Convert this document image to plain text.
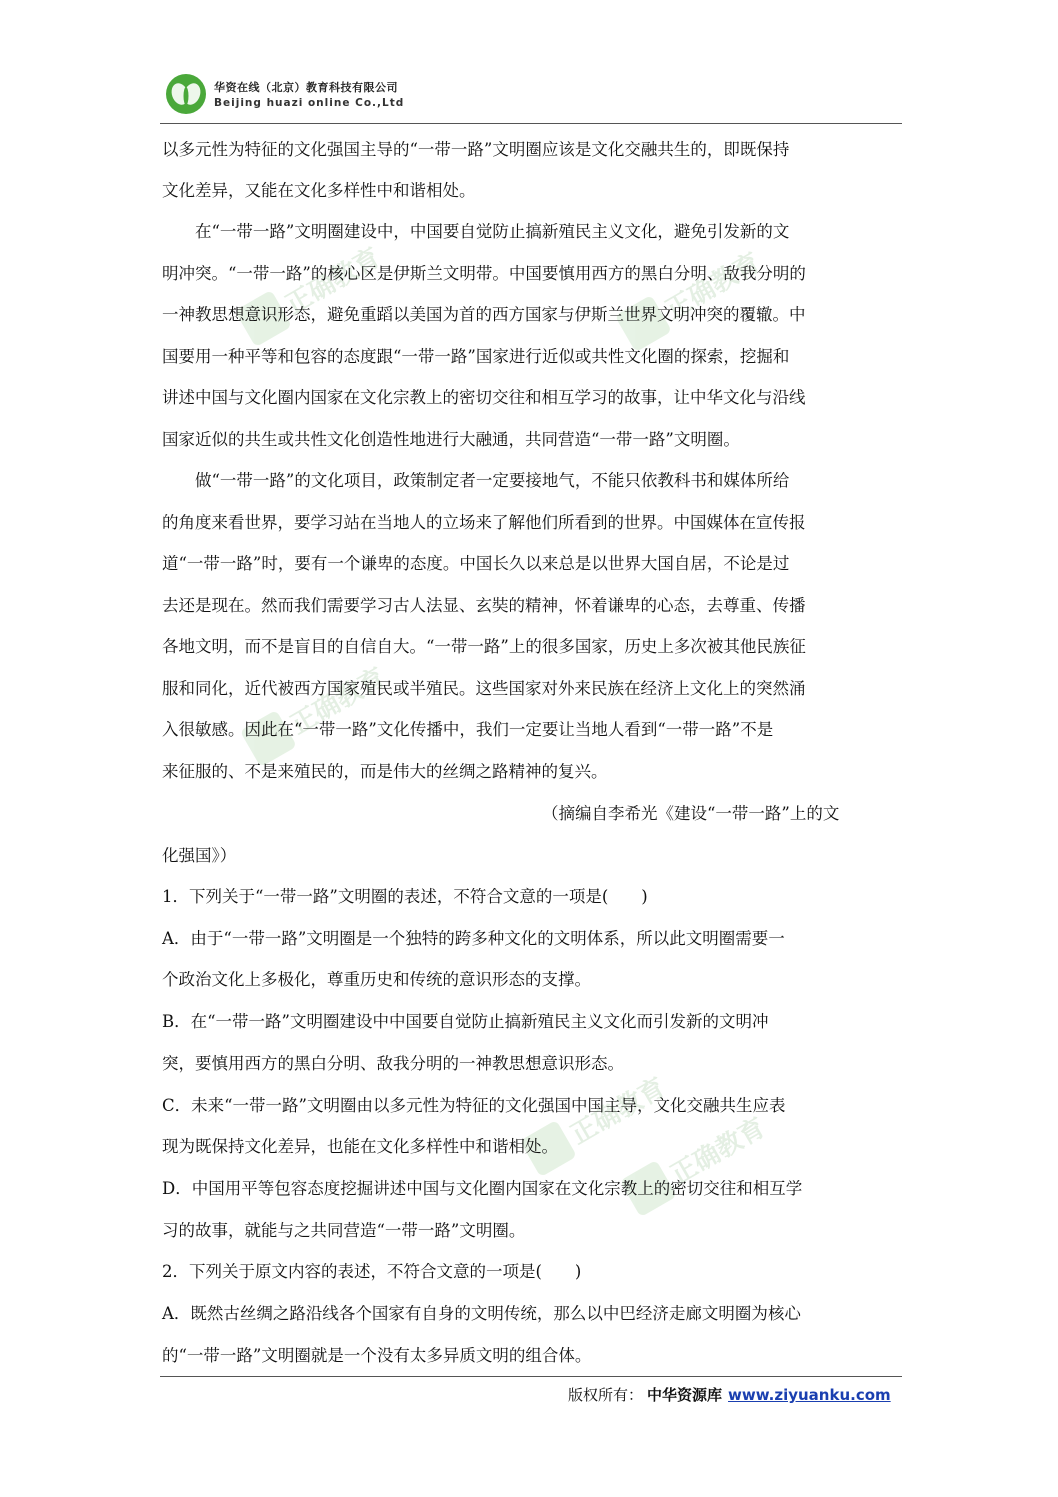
华资在线（北京）教育科技有限公司
Beijing huazi online Co.,Ltd
正确教育	正确教育
正确教育
正确教育
正确教育
以多元性为特征的文化强国主导的“一带一路”文明圈应该是文化交融共生的，即既保持
文化差异，又能在文化多样性中和谐相处。
　　在“一带一路”文明圈建设中，中国要自觉防止搞新殖民主义文化，避免引发新的文
明冲突。“一带一路”的核心区是伊斯兰文明带。中国要慎用西方的黑白分明、敌我分明的
一神教思想意识形态，避免重蹈以美国为首的西方国家与伊斯兰世界文明冲突的覆辙。中
国要用一种平等和包容的态度跟“一带一路”国家进行近似或共性文化圈的探索，挖掘和
讲述中国与文化圈内国家在文化宗教上的密切交往和相互学习的故事，让中华文化与沿线
国家近似的共生或共性文化创造性地进行大融通，共同营造“一带一路”文明圈。
　　做“一带一路”的文化项目，政策制定者一定要接地气，不能只依教科书和媒体所给
的角度来看世界，要学习站在当地人的立场来了解他们所看到的世界。中国媒体在宣传报
道“一带一路”时，要有一个谦卑的态度。中国长久以来总是以世界大国自居，不论是过
去还是现在。然而我们需要学习古人法显、玄奘的精神，怀着谦卑的心态，去尊重、传播
各地文明，而不是盲目的自信自大。“一带一路”上的很多国家，历史上多次被其他民族征
服和同化，近代被西方国家殖民或半殖民。这些国家对外来民族在经济上文化上的突然涌
入很敏感。因此在“一带一路”文化传播中，我们一定要让当地人看到“一带一路”不是
来征服的、不是来殖民的，而是伟大的丝绸之路精神的复兴。
（摘编自李希光《建设“一带一路”上的文
化强国》）
1．下列关于“一带一路”文明圈的表述，不符合文意的一项是(　　)
A．由于“一带一路”文明圈是一个独特的跨多种文化的文明体系，所以此文明圈需要一
个政治文化上多极化，尊重历史和传统的意识形态的支撑。
B．在“一带一路”文明圈建设中中国要自觉防止搞新殖民主义文化而引发新的文明冲
突，要慎用西方的黑白分明、敌我分明的一神教思想意识形态。
C．未来“一带一路”文明圈由以多元性为特征的文化强国中国主导，文化交融共生应表
现为既保持文化差异，也能在文化多样性中和谐相处。
D．中国用平等包容态度挖掘讲述中国与文化圈内国家在文化宗教上的密切交往和相互学
习的故事，就能与之共同营造“一带一路”文明圈。
2．下列关于原文内容的表述，不符合文意的一项是(　　)
A．既然古丝绸之路沿线各个国家有自身的文明传统，那么以中巴经济走廊文明圈为核心
的“一带一路”文明圈就是一个没有太多异质文明的组合体。
版权所有： 中华资源库 www.ziyuanku.com
